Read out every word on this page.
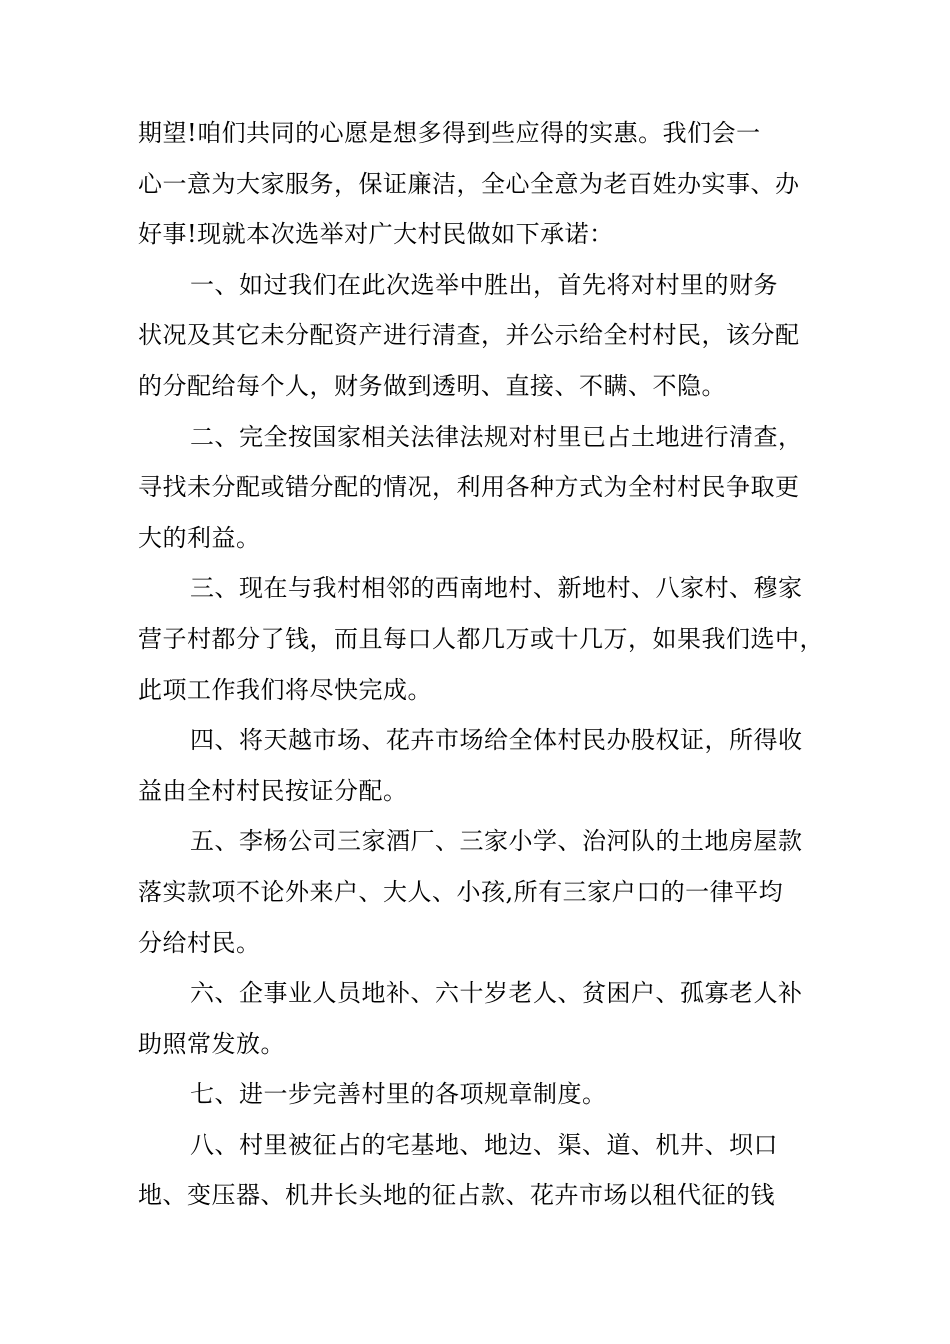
期望!咱们共同的心愿是想多得到些应得的实惠。我们会一
心一意为大家服务，保证廉洁，全心全意为老百姓办实事、办
好事!现就本次选举对广大村民做如下承诺：
一、如过我们在此次选举中胜出，首先将对村里的财务
状况及其它未分配资产进行清查，并公示给全村村民，该分配
的分配给每个人，财务做到透明、直接、不瞒、不隐。
二、完全按国家相关法律法规对村里已占土地进行清查，
寻找未分配或错分配的情况，利用各种方式为全村村民争取更
大的利益。
三、现在与我村相邻的西南地村、新地村、八家村、穆家
营子村都分了钱，而且每口人都几万或十几万，如果我们选中，
此项工作我们将尽快完成。
四、将天越市场、花卉市场给全体村民办股权证，所得收
益由全村村民按证分配。
五、李杨公司三家酒厂、三家小学、治河队的土地房屋款
落实款项不论外来户、大人、小孩,所有三家户口的一律平均
分给村民。
六、企事业人员地补、六十岁老人、贫困户、孤寡老人补
助照常发放。
七、进一步完善村里的各项规章制度。
八、村里被征占的宅基地、地边、渠、道、机井、坝口
地、变压器、机井长头地的征占款、花卉市场以租代征的钱
